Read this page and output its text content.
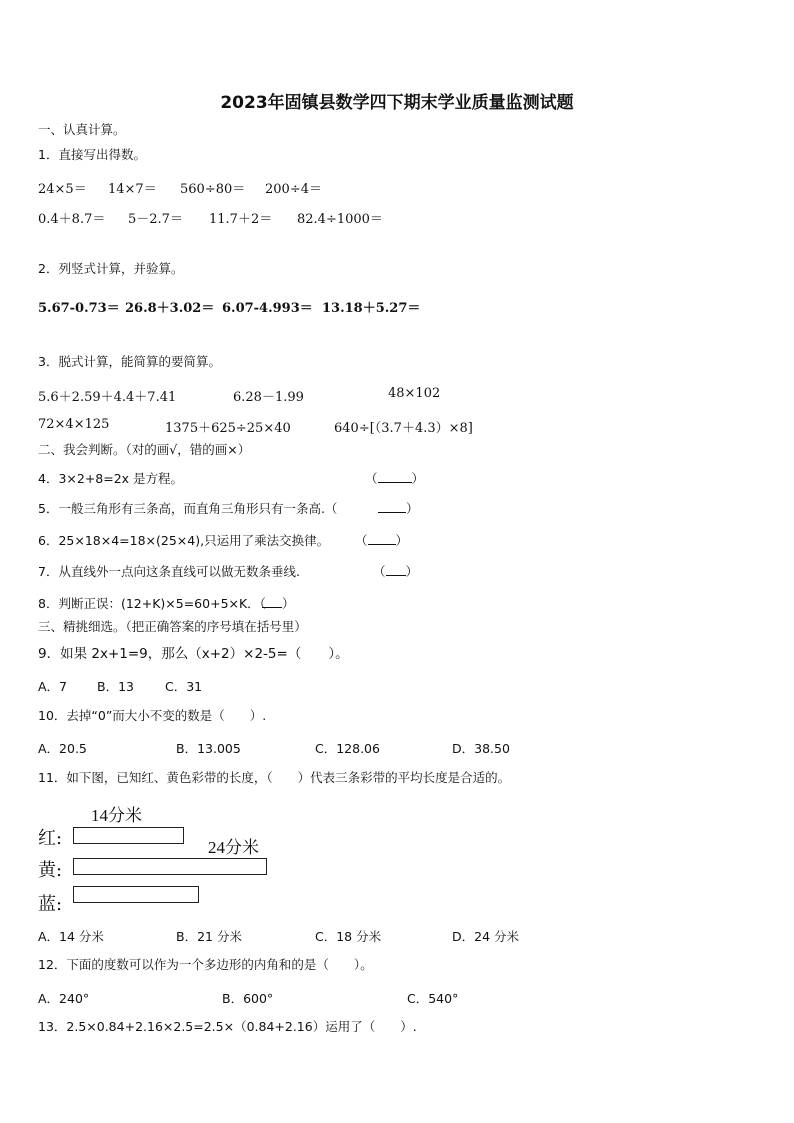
2023年固镇县数学四下期末学业质量监测试题
一、认真计算。
1．直接写出得数。
24×5＝ 14×7＝ 560÷80＝ 200÷4＝
0.4＋8.7＝ 5－2.7＝ 11.7＋2＝ 82.4÷1000＝
2．列竖式计算，并验算。
5.67-0.73＝ 26.8＋3.02＝ 6.07-4.993＝ 13.18＋5.27＝
3．脱式计算，能简算的要简算。
5.6＋2.59＋4.4＋7.41	6.28－1.99	48×102
72×4×125	1375＋625÷25×40	640÷[（3.7＋4.3）×8]
二、我会判断。（对的画√，错的画×）
4．3×2+8=2x 是方程。	（	）
5．一般三角形有三条高，而直角三角形只有一条高.（	）
6．25×18×4=18×(25×4),只运用了乘法交换律。 （ ）
7．从直线外一点向这条直线可以做无数条垂线.	（ ）
8．判断正误：(12+K)×5=60+5×K．（	）
三、精挑细选。（把正确答案的序号填在括号里）
9．如果 2x+1=9，那么（x+2）×2-5=（　　）。
A．7 B．13 C．31
10．去掉“0”而大小不变的数是（　　）.
A．20.5	B．13.005	C．128.06	D．38.50
11．如下图，已知红、黄色彩带的长度，（　　）代表三条彩带的平均长度是合适的。
14分米
红:	24分米
黄:
蓝:
A．14 分米	B．21 分米	C．18 分米	D．24 分米
12．下面的度数可以作为一个多边形的内角和的是（　　）。
A．240°	B．600°	C．540°
13．2.5×0.84+2.16×2.5=2.5×（0.84+2.16）运用了（　　）.
